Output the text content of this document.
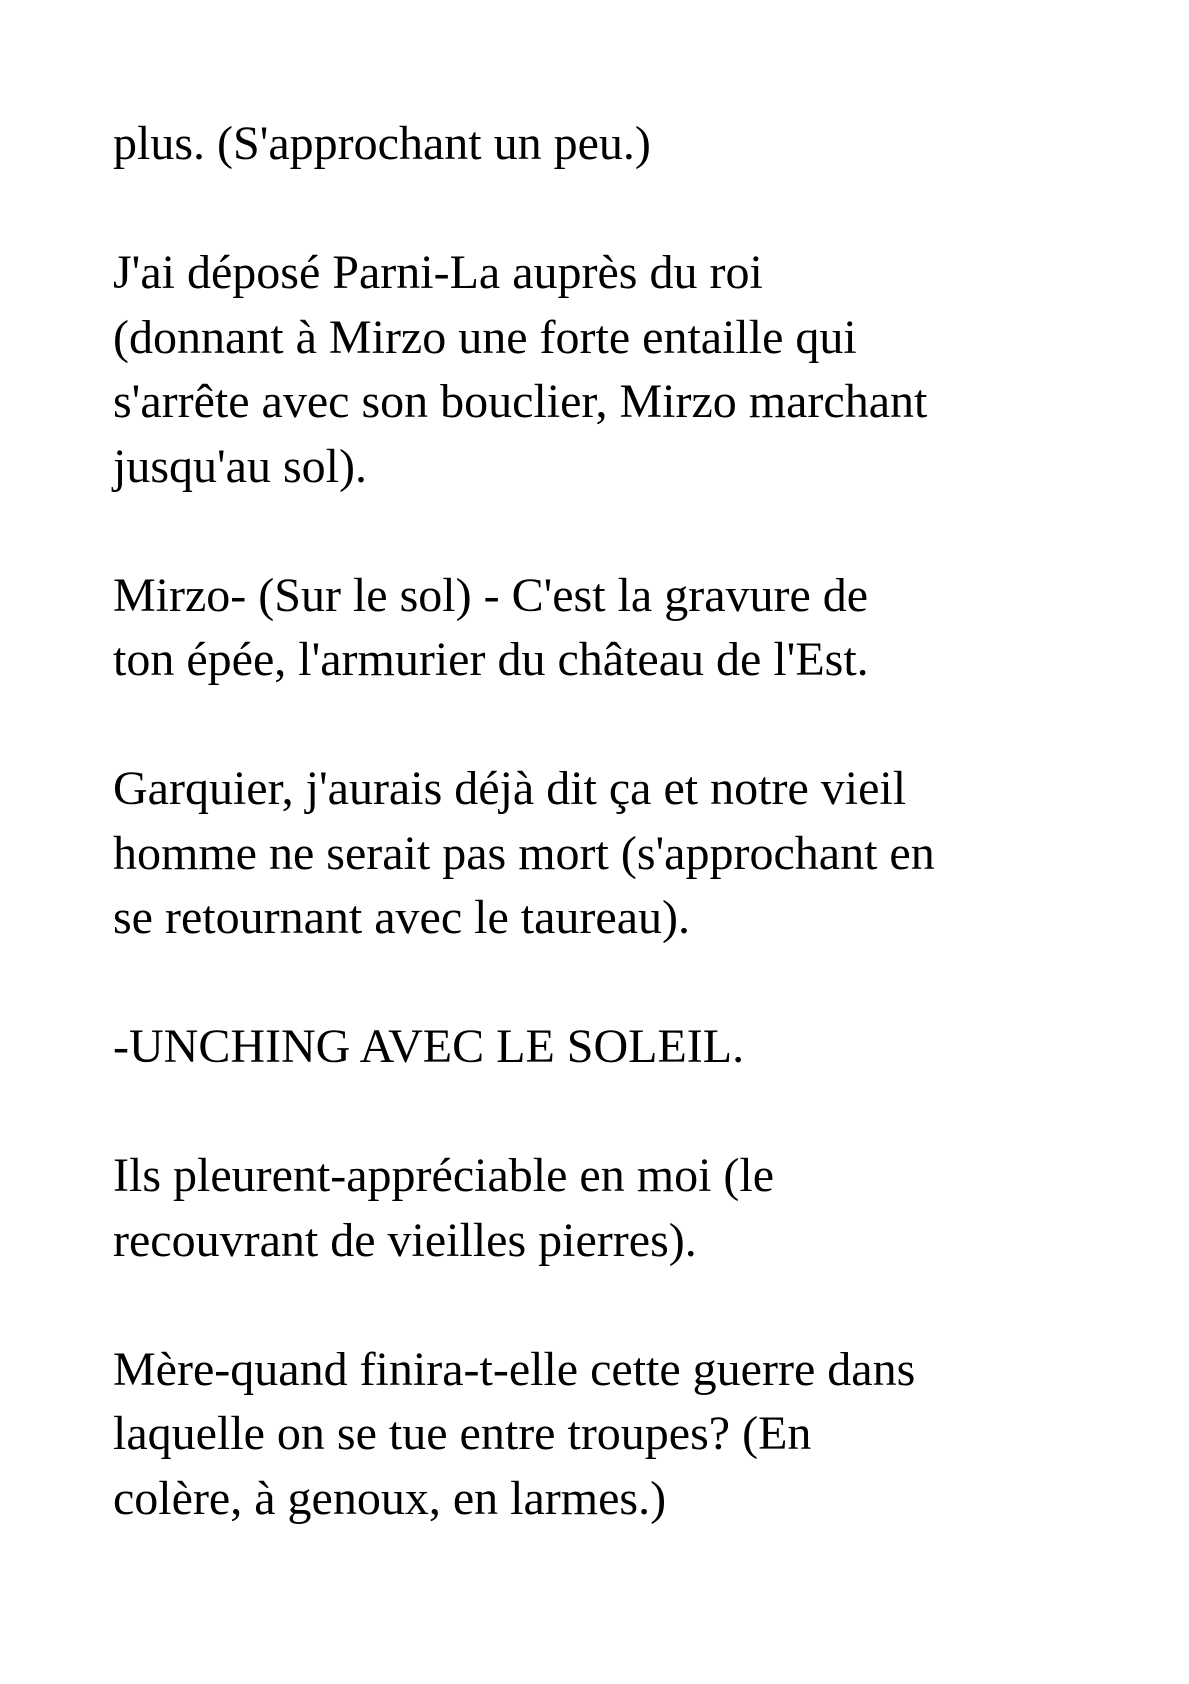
plus. (S'approchant un peu.)

J'ai déposé Parni-La auprès du roi
(donnant à Mirzo une forte entaille qui
s'arrête avec son bouclier, Mirzo marchant
jusqu'au sol).

Mirzo- (Sur le sol) - C'est la gravure de
ton épée, l'armurier du château de l'Est.

Garquier, j'aurais déjà dit ça et notre vieil
homme ne serait pas mort (s'approchant en
se retournant avec le taureau).

-UNCHING AVEC LE SOLEIL.

Ils pleurent-appréciable en moi (le
recouvrant de vieilles pierres).

Mère-quand finira-t-elle cette guerre dans
laquelle on se tue entre troupes? (En
colère, à genoux, en larmes.)
